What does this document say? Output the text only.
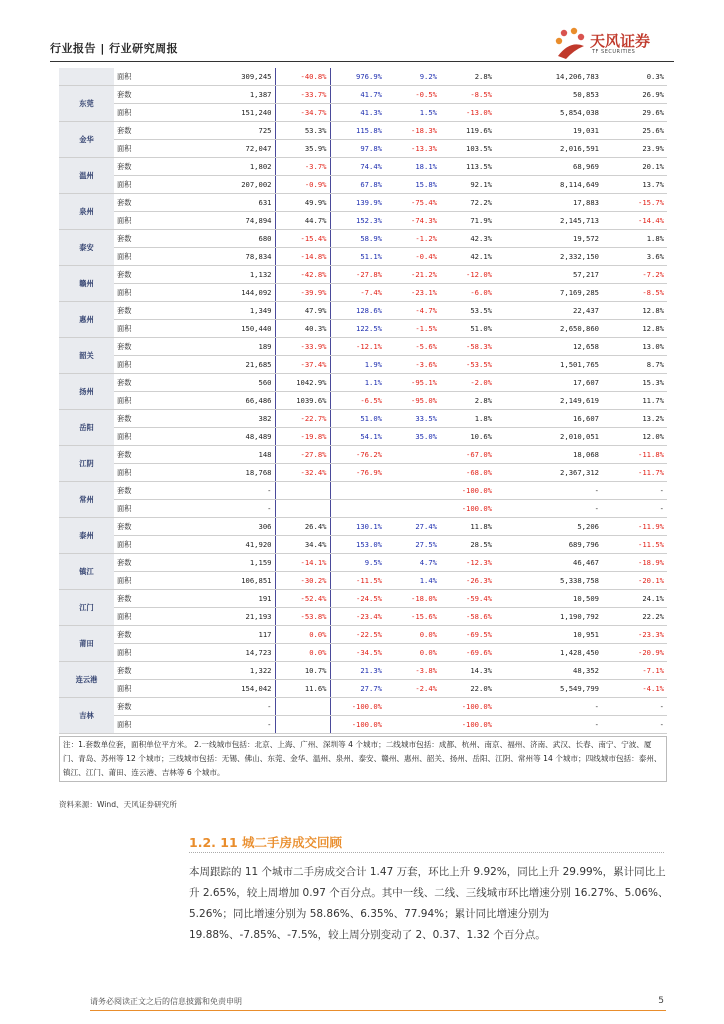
行业报告 | 行业研究周报	天风证券
TF SECURITIES
	面积	309,245	-40.8%	976.9%	9.2%	2.8%	14,206,783	0.3%
东莞	套数	1,387	-33.7%	41.7%	-0.5%	-8.5%	50,853	26.9%
	面积	151,240	-34.7%	41.3%	1.5%	-13.0%	5,854,038	29.6%
金华	套数	725	53.3%	115.8%	-18.3%	119.6%	19,031	25.6%
	面积	72,047	35.9%	97.8%	-13.3%	103.5%	2,016,591	23.9%
温州	套数	1,802	-3.7%	74.4%	18.1%	113.5%	68,969	20.1%
	面积	207,002	-0.9%	67.8%	15.8%	92.1%	8,114,649	13.7%
泉州	套数	631	49.9%	139.9%	-75.4%	72.2%	17,883	-15.7%
	面积	74,894	44.7%	152.3%	-74.3%	71.9%	2,145,713	-14.4%
泰安	套数	680	-15.4%	58.9%	-1.2%	42.3%	19,572	1.8%
	面积	78,834	-14.8%	51.1%	-0.4%	42.1%	2,332,150	3.6%
赣州	套数	1,132	-42.8%	-27.8%	-21.2%	-12.0%	57,217	-7.2%
	面积	144,092	-39.9%	-7.4%	-23.1%	-6.0%	7,169,285	-8.5%
惠州	套数	1,349	47.9%	128.6%	-4.7%	53.5%	22,437	12.8%
	面积	150,440	40.3%	122.5%	-1.5%	51.0%	2,650,860	12.8%
韶关	套数	189	-33.9%	-12.1%	-5.6%	-58.3%	12,658	13.0%
	面积	21,685	-37.4%	1.9%	-3.6%	-53.5%	1,501,765	8.7%
扬州	套数	560	1042.9%	1.1%	-95.1%	-2.0%	17,607	15.3%
	面积	66,486	1039.6%	-6.5%	-95.0%	2.8%	2,149,619	11.7%
岳阳	套数	382	-22.7%	51.0%	33.5%	1.8%	16,607	13.2%
	面积	48,489	-19.8%	54.1%	35.0%	10.6%	2,010,051	12.0%
江阴	套数	148	-27.8%	-76.2%		-67.0%	18,068	-11.8%
	面积	18,768	-32.4%	-76.9%		-68.0%	2,367,312	-11.7%
常州	套数	-				-100.0%	-	-
	面积	-				-100.0%	-	-
泰州	套数	306	26.4%	130.1%	27.4%	11.8%	5,206	-11.9%
	面积	41,920	34.4%	153.0%	27.5%	28.5%	689,796	-11.5%
镇江	套数	1,159	-14.1%	9.5%	4.7%	-12.3%	46,467	-18.9%
	面积	106,851	-30.2%	-11.5%	1.4%	-26.3%	5,338,758	-20.1%
江门	套数	191	-52.4%	-24.5%	-18.0%	-59.4%	10,509	24.1%
	面积	21,193	-53.8%	-23.4%	-15.6%	-58.6%	1,190,792	22.2%
莆田	套数	117	0.0%	-22.5%	0.0%	-69.5%	10,951	-23.3%
	面积	14,723	0.0%	-34.5%	0.0%	-69.6%	1,428,450	-20.9%
连云港	套数	1,322	10.7%	21.3%	-3.8%	14.3%	48,352	-7.1%
	面积	154,042	11.6%	27.7%	-2.4%	22.0%	5,549,799	-4.1%
吉林	套数	-		-100.0%		-100.0%	-	-
	面积	-		-100.0%		-100.0%	-	-
注：1.套数单位套，面积单位平方米。 2.一线城市包括：北京、上海、广州、深圳等 4 个城市；二线城市包括：成都、杭州、南京、福州、济南、武汉、长春、南宁、宁波、厦门、青岛、苏州等 12 个城市；三线城市包括：无锡、佛山、东莞、金华、温州、泉州、泰安、赣州、惠州、韶关、扬州、岳阳、江阴、常州等 14 个城市；四线城市包括：泰州、镇江、江门、莆田、连云港、吉林等 6 个城市。
资料来源：Wind、天风证券研究所
1.2. 11 城二手房成交回顾
本周跟踪的 11 个城市二手房成交合计 1.47 万套，环比上升 9.92%，同比上升 29.99%，累计同比上升 2.65%，较上周增加 0.97 个百分点。其中一线、二线、三线城市环比增速分别 16.27%、5.06%、5.26%；同比增速分别为 58.86%、6.35%、77.94%；累计同比增速分别为 19.88%、-7.85%、-7.5%，较上周分别变动了 2、0.37、1.32 个百分点。
请务必阅读正文之后的信息披露和免责申明	5
